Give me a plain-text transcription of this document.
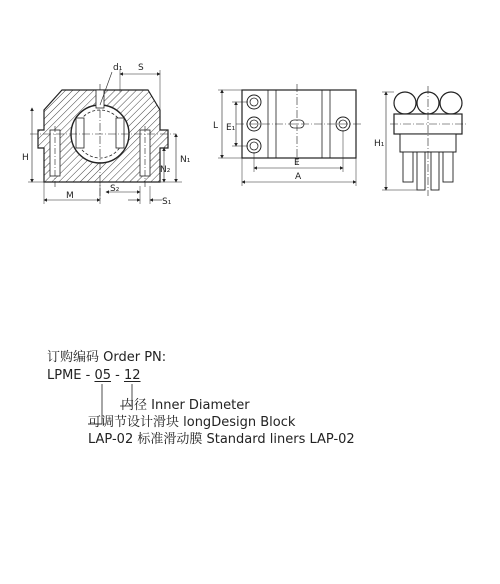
d₁ S
H	N₁
N₂
M
S₂
S₁
L E₁
E
A
H₁
订购编码 Order PN:
LPME - 05 - 12
内径 Inner Diameter
可调节设计滑块 longDesign Block
LAP-02 标准滑动膜 Standard liners LAP-02
